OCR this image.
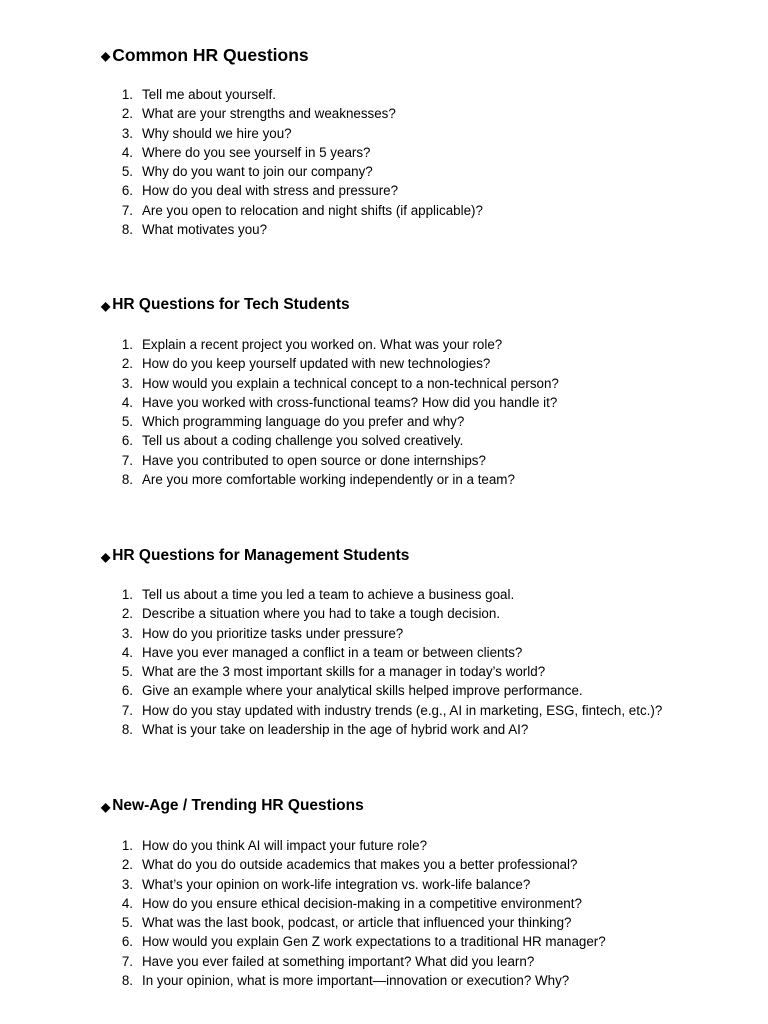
◆ Common HR Questions
1. Tell me about yourself.
2. What are your strengths and weaknesses?
3. Why should we hire you?
4. Where do you see yourself in 5 years?
5. Why do you want to join our company?
6. How do you deal with stress and pressure?
7. Are you open to relocation and night shifts (if applicable)?
8. What motivates you?
◆ HR Questions for Tech Students
1. Explain a recent project you worked on. What was your role?
2. How do you keep yourself updated with new technologies?
3. How would you explain a technical concept to a non-technical person?
4. Have you worked with cross-functional teams? How did you handle it?
5. Which programming language do you prefer and why?
6. Tell us about a coding challenge you solved creatively.
7. Have you contributed to open source or done internships?
8. Are you more comfortable working independently or in a team?
◆ HR Questions for Management Students
1. Tell us about a time you led a team to achieve a business goal.
2. Describe a situation where you had to take a tough decision.
3. How do you prioritize tasks under pressure?
4. Have you ever managed a conflict in a team or between clients?
5. What are the 3 most important skills for a manager in today’s world?
6. Give an example where your analytical skills helped improve performance.
7. How do you stay updated with industry trends (e.g., AI in marketing, ESG, fintech, etc.)?
8. What is your take on leadership in the age of hybrid work and AI?
◆ New-Age / Trending HR Questions
1. How do you think AI will impact your future role?
2. What do you do outside academics that makes you a better professional?
3. What’s your opinion on work-life integration vs. work-life balance?
4. How do you ensure ethical decision-making in a competitive environment?
5. What was the last book, podcast, or article that influenced your thinking?
6. How would you explain Gen Z work expectations to a traditional HR manager?
7. Have you ever failed at something important? What did you learn?
8. In your opinion, what is more important—innovation or execution? Why?
